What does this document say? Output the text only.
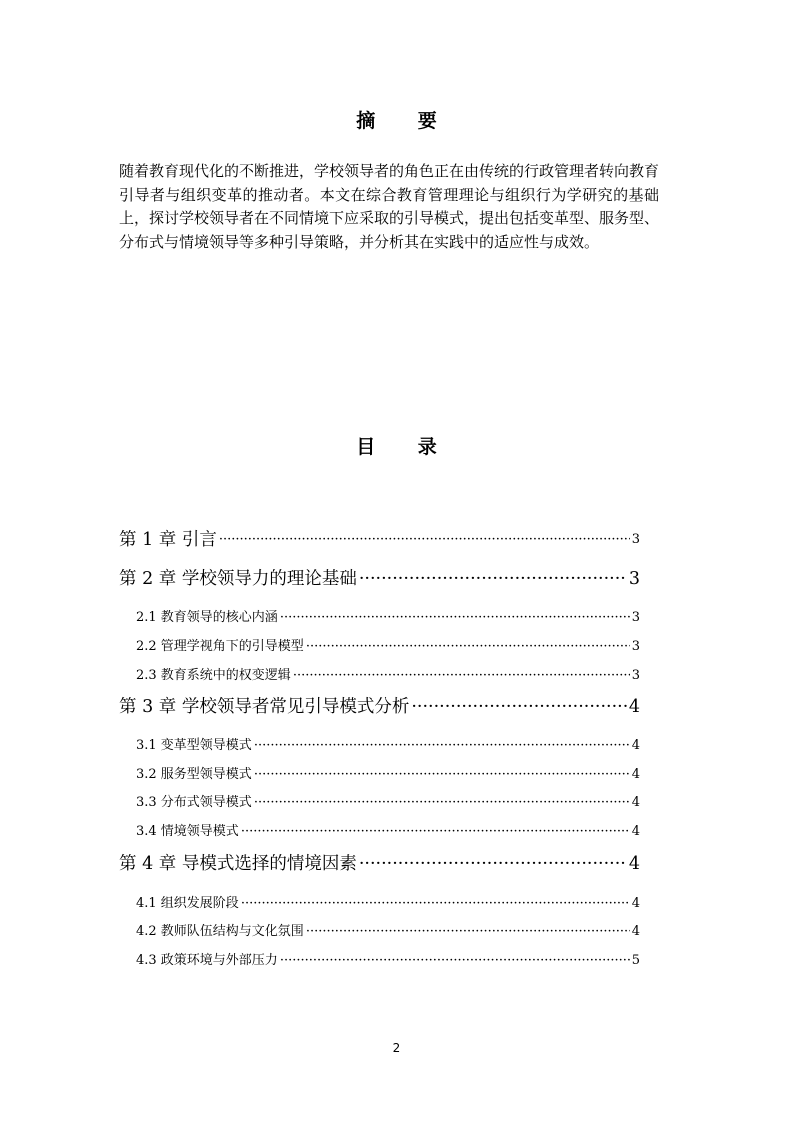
摘 要
随着教育现代化的不断推进，学校领导者的角色正在由传统的行政管理者转向教育引导者与组织变革的推动者。本文在综合教育管理理论与组织行为学研究的基础上，探讨学校领导者在不同情境下应采取的引导模式，提出包括变革型、服务型、分布式与情境领导等多种引导策略，并分析其在实践中的适应性与成效。
目 录
第 1 章 引言 ·····	3
第 2 章 学校领导力的理论基础 ·····	3
2.1 教育领导的核心内涵 ·····	3
2.2 管理学视角下的引导模型 ·····	3
2.3 教育系统中的权变逻辑 ·····	3
第 3 章 学校领导者常见引导模式分析 ·····	4
3.1 变革型领导模式 ·····	4
3.2 服务型领导模式 ·····	4
3.3 分布式领导模式 ·····	4
3.4 情境领导模式 ·····	4
第 4 章 导模式选择的情境因素 ·····	4
4.1 组织发展阶段 ·····	4
4.2 教师队伍结构与文化氛围 ·····	4
4.3 政策环境与外部压力 ·····	5
2
